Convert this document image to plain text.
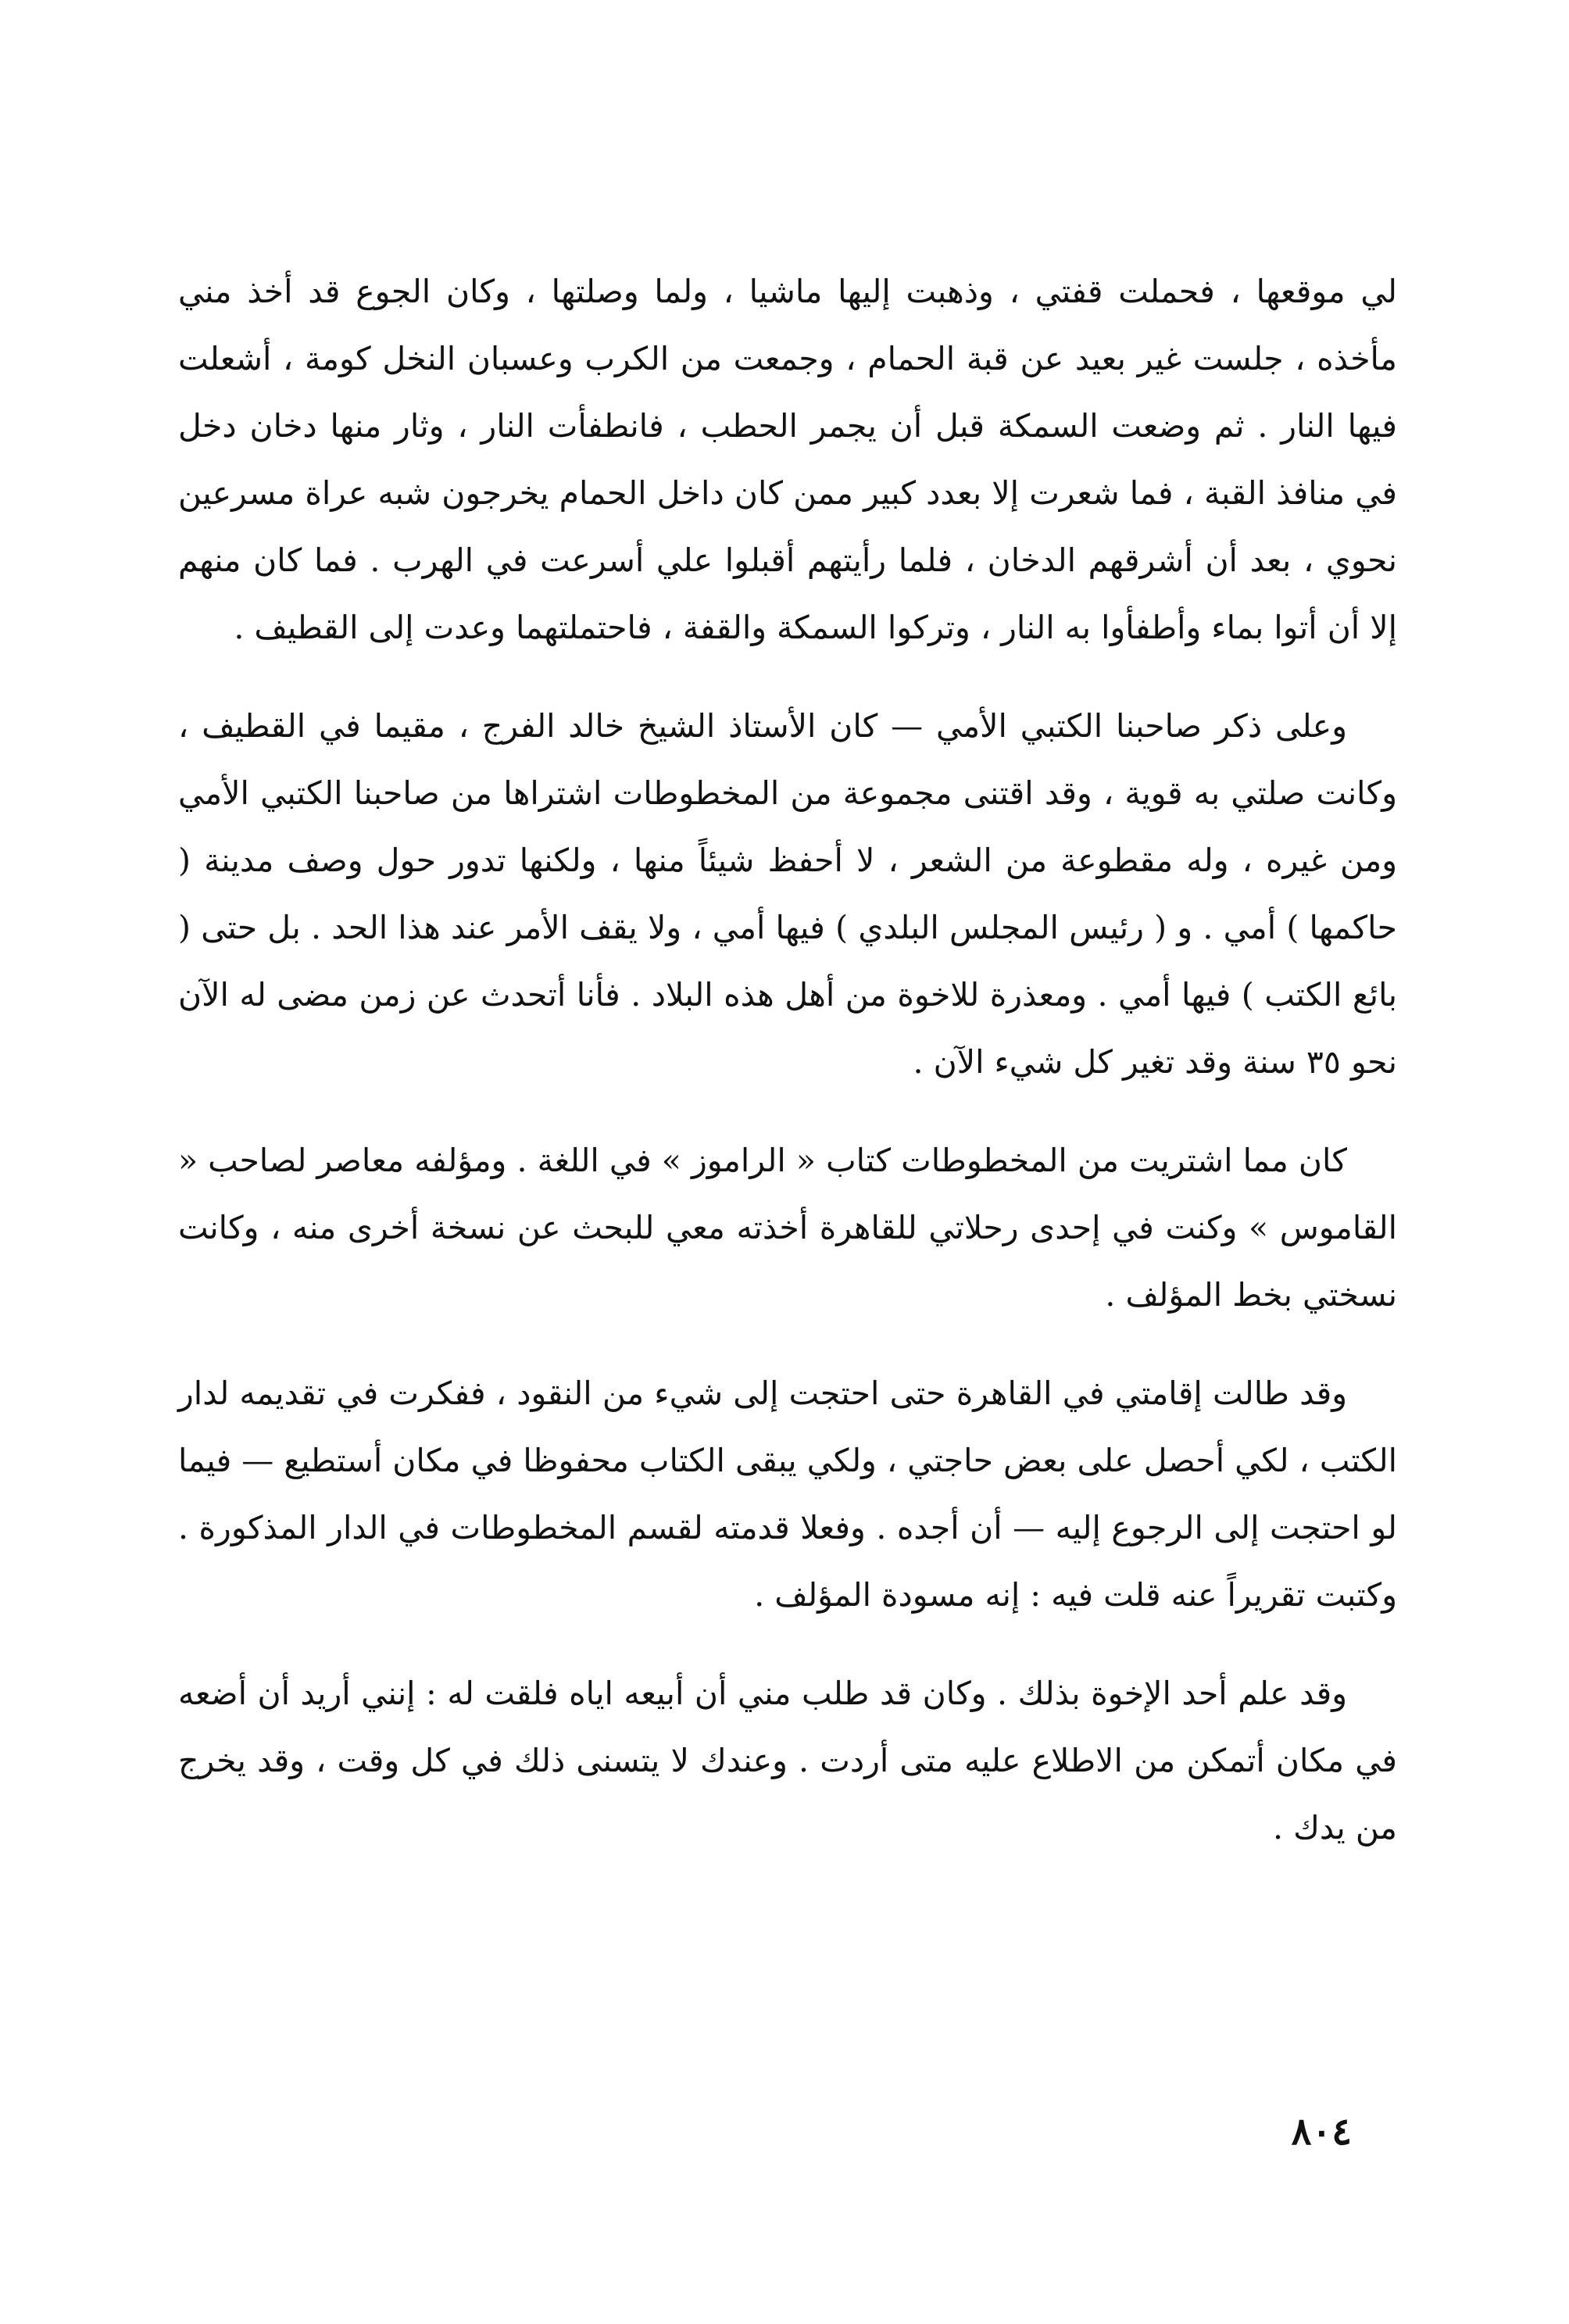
لي موقعها ، فحملت قفتي ، وذهبت إليها ماشيا ، ولما وصلتها ، وكان الجوع قد أخذ مني مأخذه ، جلست غير بعيد عن قبة الحمام ، وجمعت من الكرب وعسبان النخل كومة ، أشعلت فيها النار . ثم وضعت السمكة قبل أن يجمر الحطب ، فانطفأت النار ، وثار منها دخان دخل في منافذ القبة ، فما شعرت إلا بعدد كبير ممن كان داخل الحمام يخرجون شبه عراة مسرعين نحوي ، بعد أن أشرقهم الدخان ، فلما رأيتهم أقبلوا علي أسرعت في الهرب . فما كان منهم إلا أن أتوا بماء وأطفأوا به النار ، وتركوا السمكة والقفة ، فاحتملتهما وعدت إلى القطيف .

وعلى ذكر صاحبنا الكتبي الأمي — كان الأستاذ الشيخ خالد الفرج ، مقيما في القطيف ، وكانت صلتي به قوية ، وقد اقتنى مجموعة من المخطوطات اشتراها من صاحبنا الكتبي الأمي ومن غيره ، وله مقطوعة من الشعر ، لا أحفظ شيئاً منها ، ولكنها تدور حول وصف مدينة ( حاكمها ) أمي . و ( رئيس المجلس البلدي ) فيها أمي ، ولا يقف الأمر عند هذا الحد . بل حتى ( بائع الكتب ) فيها أمي . ومعذرة للاخوة من أهل هذه البلاد . فأنا أتحدث عن زمن مضى له الآن نحو ٣٥ سنة وقد تغير كل شيء الآن .

كان مما اشتريت من المخطوطات كتاب « الراموز » في اللغة . ومؤلفه معاصر لصاحب « القاموس » وكنت في إحدى رحلاتي للقاهرة أخذته معي للبحث عن نسخة أخرى منه ، وكانت نسختي بخط المؤلف .

وقد طالت إقامتي في القاهرة حتى احتجت إلى شيء من النقود ، ففكرت في تقديمه لدار الكتب ، لكي أحصل على بعض حاجتي ، ولكي يبقى الكتاب محفوظا في مكان أستطيع — فيما لو احتجت إلى الرجوع إليه — أن أجده . وفعلا قدمته لقسم المخطوطات في الدار المذكورة . وكتبت تقريراً عنه قلت فيه : إنه مسودة المؤلف .

وقد علم أحد الإخوة بذلك . وكان قد طلب مني أن أبيعه اياه فلقت له : إنني أريد أن أضعه في مكان أتمكن من الاطلاع عليه متى أردت . وعندك لا يتسنى ذلك في كل وقت ، وقد يخرج من يدك .

٨٠٤
